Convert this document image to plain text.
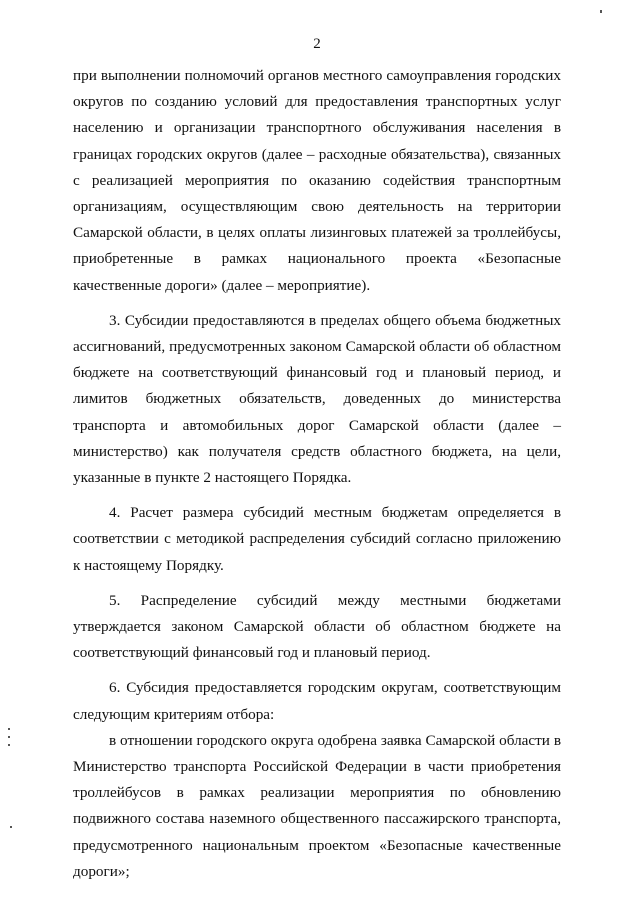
2

при выполнении полномочий органов местного самоуправления городских округов по созданию условий для предоставления транспортных услуг населению и организации транспортного обслуживания населения в границах городских округов (далее – расходные обязательства), связанных с реализацией мероприятия по оказанию содействия транспортным организациям, осуществляющим свою деятельность на территории Самарской области, в целях оплаты лизинговых платежей за троллейбусы, приобретенные в рамках национального проекта «Безопасные качественные дороги» (далее – мероприятие).

3. Субсидии предоставляются в пределах общего объема бюджетных ассигнований, предусмотренных законом Самарской области об областном бюджете на соответствующий финансовый год и плановый период, и лимитов бюджетных обязательств, доведенных до министерства транспорта и автомобильных дорог Самарской области (далее – министерство) как получателя средств областного бюджета, на цели, указанные в пункте 2 настоящего Порядка.

4. Расчет размера субсидий местным бюджетам определяется в соответствии с методикой распределения субсидий согласно приложению к настоящему Порядку.

5. Распределение субсидий между местными бюджетами утверждается законом Самарской области об областном бюджете на соответствующий финансовый год и плановый период.

6. Субсидия предоставляется городским округам, соответствующим следующим критериям отбора:

в отношении городского округа одобрена заявка Самарской области в Министерство транспорта Российской Федерации в части приобретения троллейбусов в рамках реализации мероприятия по обновлению подвижного состава наземного общественного пассажирского транспорта, предусмотренного национальным проектом «Безопасные качественные дороги»;
